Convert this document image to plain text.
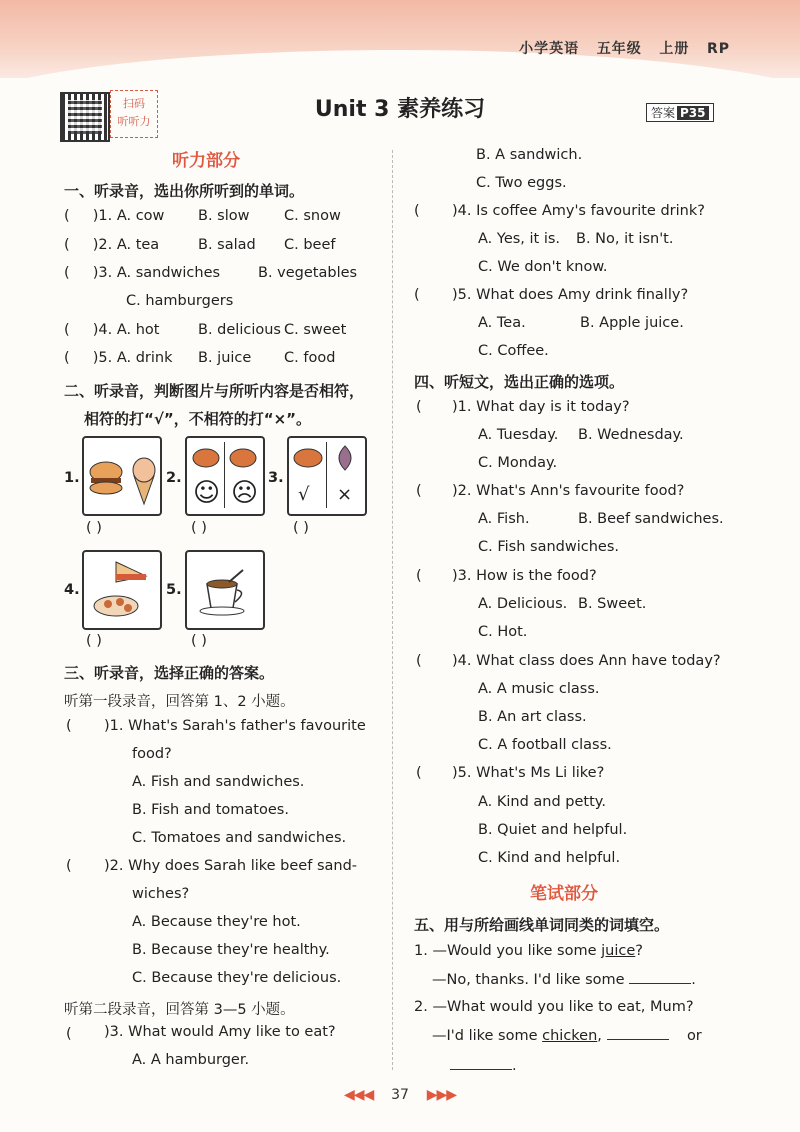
小学英语 五年级 上册 RP
扫码
听听力	Unit 3 素养练习	答案 P35
听力部分
一、听录音，选出你所听到的单词。
( )1. A. cow B. slow C. snow
( )2. A. tea	B. salad C. beef
( )3. A. sandwiches	B. vegetables
C. hamburgers
( )4. A. hot	B. delicious C. sweet
( )5. A. drink B. juice C. food
二、听录音，判断图片与所听内容是否相符，
相符的打“√”，不相符的打“×”。
1.
( )
2. ☺ ☹
( )
3.
√ ×
( )
4.
( )
5.
( )
三、听录音，选择正确的答案。
听第一段录音，回答第 1、2 小题。
( )1. What's Sarah's father's favourite
food?
A. Fish and sandwiches.
B. Fish and tomatoes.
C. Tomatoes and sandwiches.
( )2. Why does Sarah like beef sand-
wiches?
A. Because they're hot.
B. Because they're healthy.
C. Because they're delicious.
听第二段录音，回答第 3—5 小题。
( )3. What would Amy like to eat?
A. A hamburger.
B. A sandwich.
C. Two eggs.
( )4. Is coffee Amy's favourite drink?
A. Yes, it is. B. No, it isn't.
C. We don't know.
( )5. What does Amy drink finally?
A. Tea.	B. Apple juice.
C. Coffee.
四、听短文，选出正确的选项。
( )1. What day is it today?
A. Tuesday. B. Wednesday.
C. Monday.
( )2. What's Ann's favourite food?
A. Fish.	B. Beef sandwiches.
C. Fish sandwiches.
( )3. How is the food?
A. Delicious. B. Sweet.
C. Hot.
( )4. What class does Ann have today?
A. A music class.
B. An art class.
C. A football class.
( )5. What's Ms Li like?
A. Kind and petty.
B. Quiet and helpful.
C. Kind and helpful.
笔试部分
五、用与所给画线单词同类的词填空。
1. —Would you like some juice?
—No, thanks. I'd like some	.
2. —What would you like to eat, Mum?
—I'd like some chicken,	or
.
◀◀◀ 37 ▶▶▶
